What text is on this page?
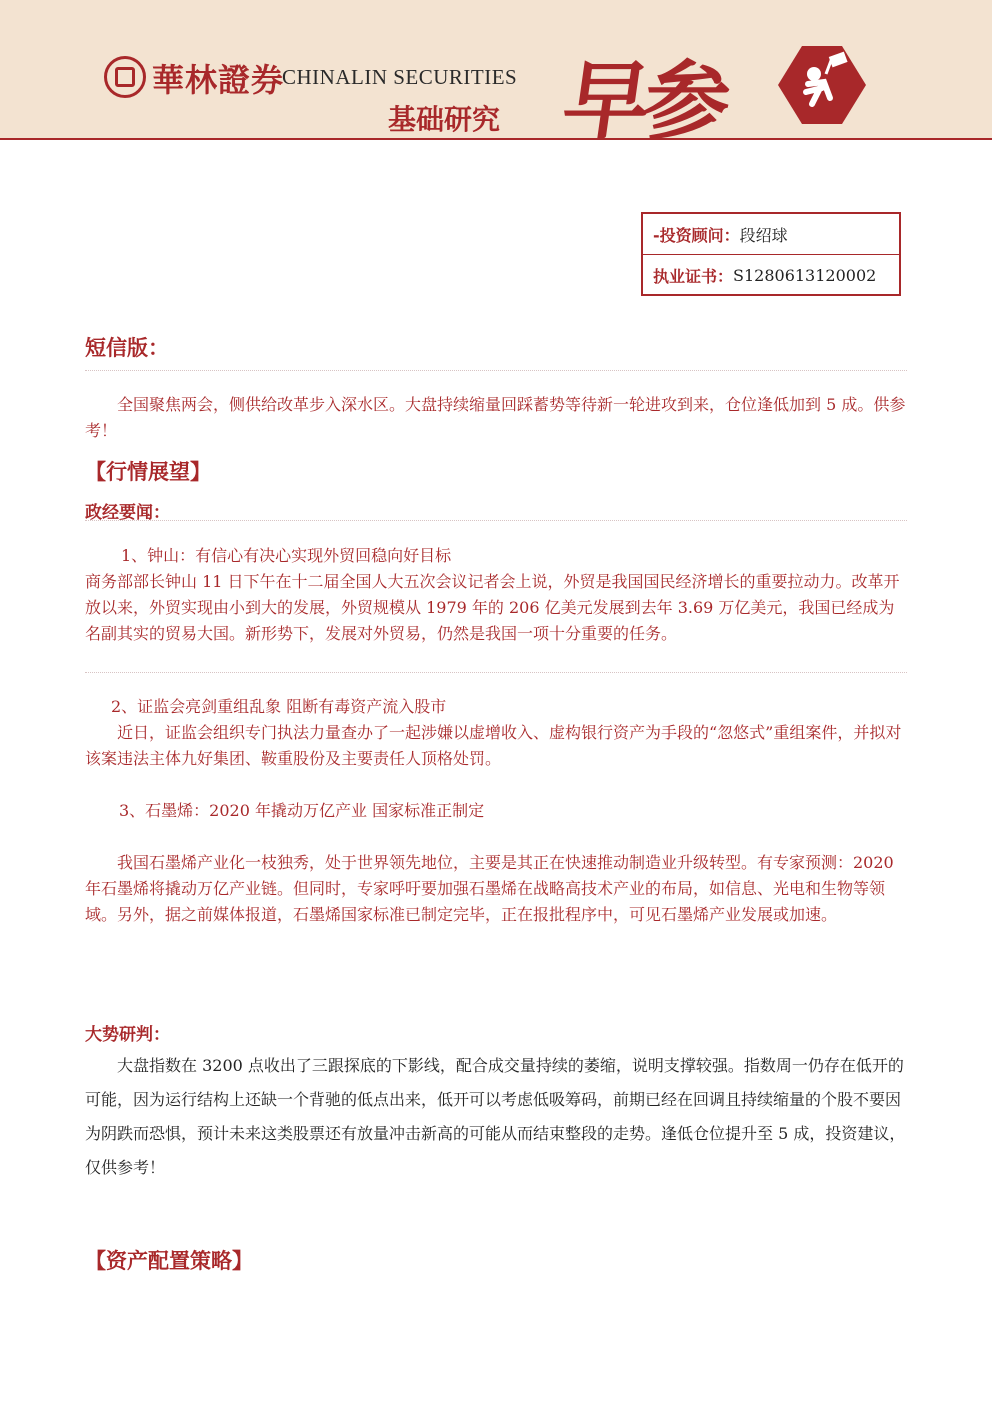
華林證券
CHINALIN SECURITIES
基础研究 早参
-投资顾问： 段绍球
执业证书： S1280613120002
短信版：

全国聚焦两会，侧供给改革步入深水区。大盘持续缩量回踩蓄势等待新一轮进攻到来，仓位逢低加到 5 成。供参考！

【行情展望】
政经要闻：

1、钟山：有信心有决心实现外贸回稳向好目标

商务部部长钟山 11 日下午在十二届全国人大五次会议记者会上说，外贸是我国国民经济增长的重要拉动力。改革开放以来，外贸实现由小到大的发展，外贸规模从 1979 年的 206 亿美元发展到去年 3.69 万亿美元，我国已经成为名副其实的贸易大国。新形势下，发展对外贸易，仍然是我国一项十分重要的任务。

2、证监会亮剑重组乱象 阻断有毒资产流入股市

近日，证监会组织专门执法力量查办了一起涉嫌以虚增收入、虚构银行资产为手段的“忽悠式”重组案件，并拟对该案违法主体九好集团、鞍重股份及主要责任人顶格处罚。

3、石墨烯：2020 年撬动万亿产业 国家标准正制定

我国石墨烯产业化一枝独秀，处于世界领先地位，主要是其正在快速推动制造业升级转型。有专家预测：2020 年石墨烯将撬动万亿产业链。但同时，专家呼吁要加强石墨烯在战略高技术产业的布局，如信息、光电和生物等领域。另外，据之前媒体报道，石墨烯国家标准已制定完毕，正在报批程序中，可见石墨烯产业发展或加速。

大势研判：

大盘指数在 3200 点收出了三跟探底的下影线，配合成交量持续的萎缩，说明支撑较强。指数周一仍存在低开的可能，因为运行结构上还缺一个背驰的低点出来，低开可以考虑低吸筹码，前期已经在回调且持续缩量的个股不要因为阴跌而恐惧，预计未来这类股票还有放量冲击新高的可能从而结束整段的走势。逢低仓位提升至 5 成，投资建议，仅供参考！

【资产配置策略】
